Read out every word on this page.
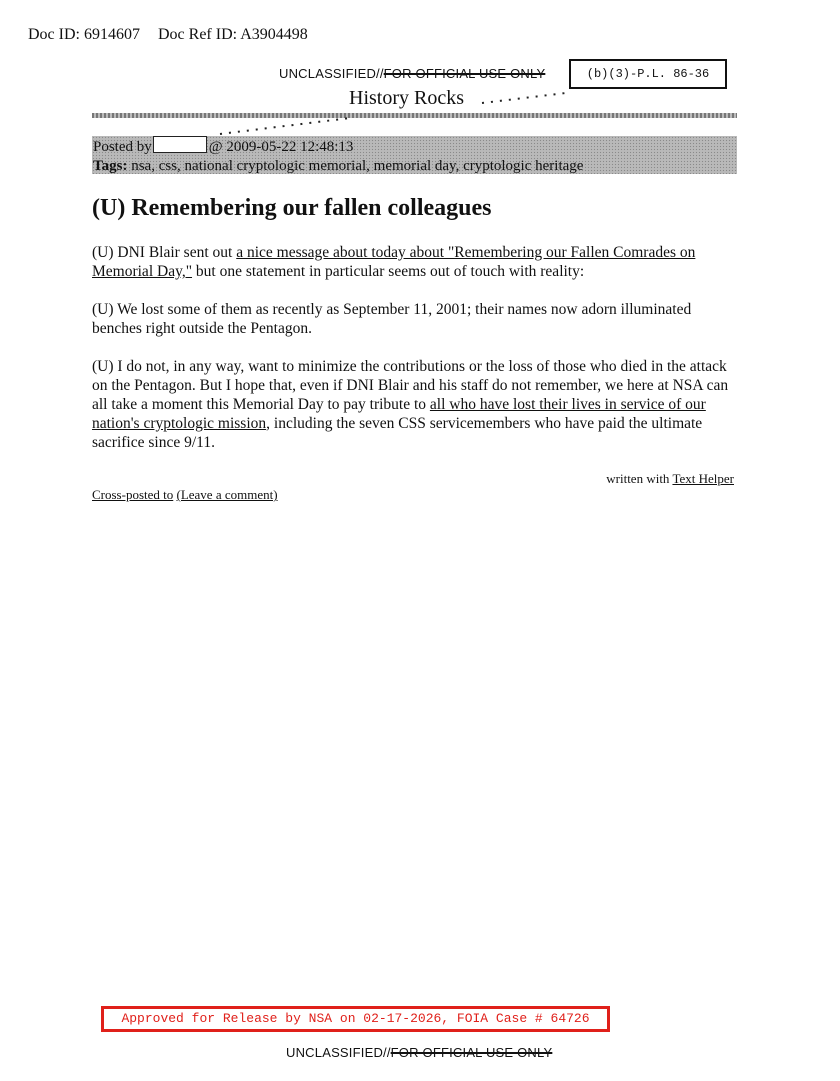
Doc ID: 6914607 Doc Ref ID: A3904498
UNCLASSIFIED//FOR OFFICIAL USE ONLY	(b)(3)-P.L. 86-36
History Rocks
Posted by	@ 2009-05-22 12:48:13
Tags: nsa, css, national cryptologic memorial, memorial day, cryptologic heritage
(U) Remembering our fallen colleagues

(U) DNI Blair sent out a nice message about today about "Remembering our Fallen Comrades on Memorial Day," but one statement in particular seems out of touch with reality:

(U) We lost some of them as recently as September 11, 2001; their names now adorn illuminated benches right outside the Pentagon.

(U) I do not, in any way, want to minimize the contributions or the loss of those who died in the attack on the Pentagon. But I hope that, even if DNI Blair and his staff do not remember, we here at NSA can all take a moment this Memorial Day to pay tribute to all who have lost their lives in service of our nation's cryptologic mission, including the seven CSS servicemembers who have paid the ultimate sacrifice since 9/11.

written with Text Helper
Cross-posted to (Leave a comment)
Approved for Release by NSA on 02-17-2026, FOIA Case # 64726
UNCLASSIFIED//FOR OFFICIAL USE ONLY
